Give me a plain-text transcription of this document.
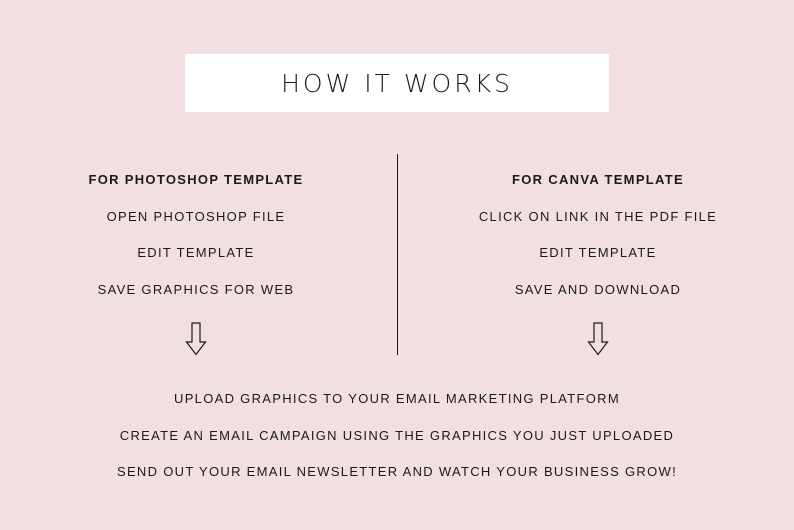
HOW IT WORKS
FOR PHOTOSHOP TEMPLATE
OPEN PHOTOSHOP FILE
EDIT TEMPLATE
SAVE GRAPHICS FOR WEB
FOR CANVA TEMPLATE
CLICK ON LINK IN THE PDF FILE
EDIT TEMPLATE
SAVE AND DOWNLOAD
UPLOAD GRAPHICS TO YOUR EMAIL MARKETING PLATFORM
CREATE AN EMAIL CAMPAIGN USING THE GRAPHICS YOU JUST UPLOADED
SEND OUT YOUR EMAIL NEWSLETTER AND WATCH YOUR BUSINESS GROW!
